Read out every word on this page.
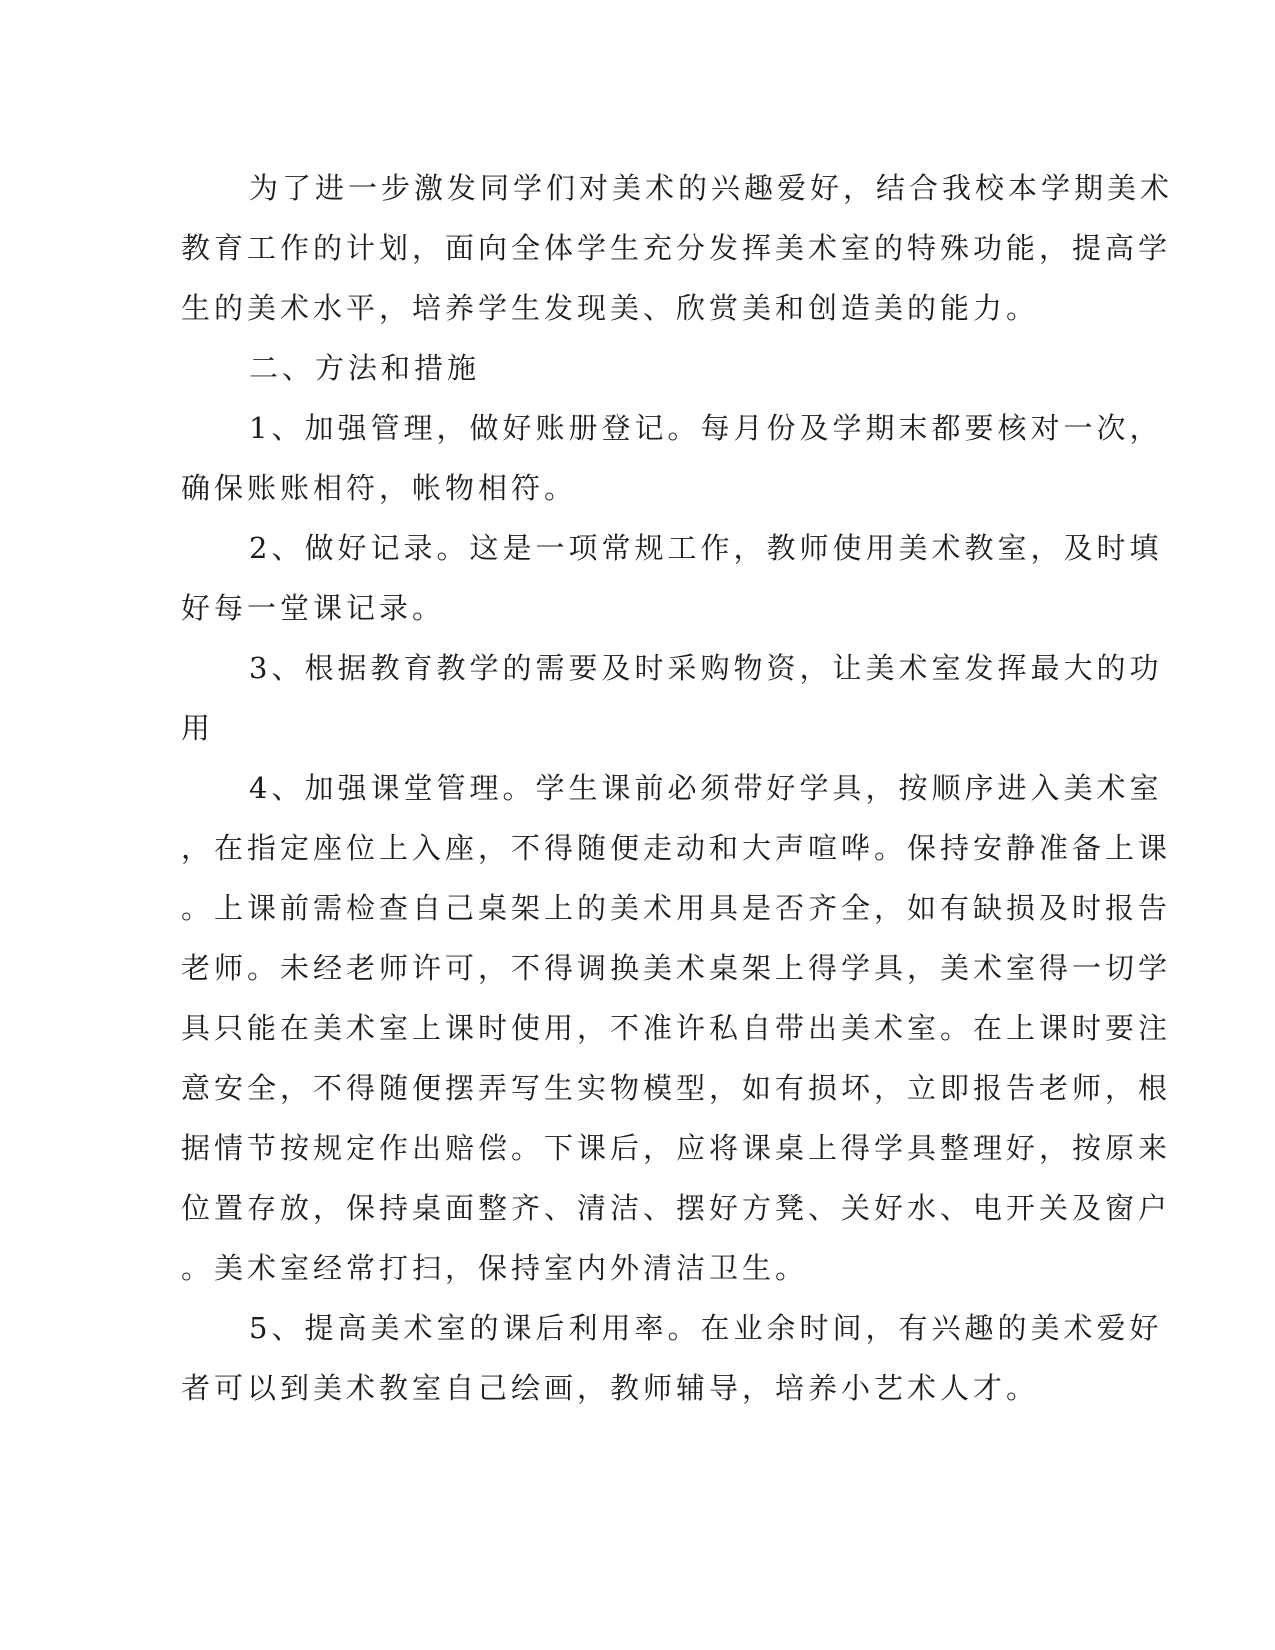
为了进一步激发同学们对美术的兴趣爱好，结合我校本学期美术
教育工作的计划，面向全体学生充分发挥美术室的特殊功能，提高学
生的美术水平，培养学生发现美、欣赏美和创造美的能力。
二、方法和措施
1、加强管理，做好账册登记。每月份及学期末都要核对一次，
确保账账相符，帐物相符。
2、做好记录。这是一项常规工作，教师使用美术教室，及时填
好每一堂课记录。
3、根据教育教学的需要及时采购物资，让美术室发挥最大的功
用
4、加强课堂管理。学生课前必须带好学具，按顺序进入美术室
，在指定座位上入座，不得随便走动和大声喧哗。保持安静准备上课
。上课前需检查自己桌架上的美术用具是否齐全，如有缺损及时报告
老师。未经老师许可，不得调换美术桌架上得学具，美术室得一切学
具只能在美术室上课时使用，不准许私自带出美术室。在上课时要注
意安全，不得随便摆弄写生实物模型，如有损坏，立即报告老师，根
据情节按规定作出赔偿。下课后，应将课桌上得学具整理好，按原来
位置存放，保持桌面整齐、清洁、摆好方凳、关好水、电开关及窗户
。美术室经常打扫，保持室内外清洁卫生。
5、提高美术室的课后利用率。在业余时间，有兴趣的美术爱好
者可以到美术教室自己绘画，教师辅导，培养小艺术人才。
